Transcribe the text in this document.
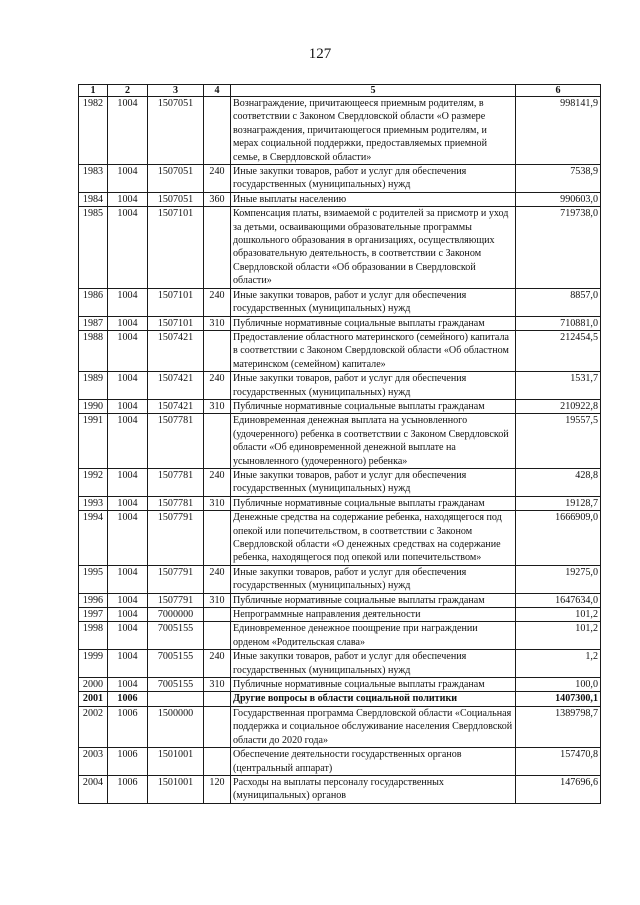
127
1	2	3	4	5	6
1982	1004	1507051		Вознаграждение, причитающееся приемным родителям, в соответствии с Законом Свердловской области «О размере вознаграждения, причитающегося приемным родителям, и мерах социальной поддержки, предоставляемых приемной семье, в Свердловской области»	998141,9
1983	1004	1507051	240	Иные закупки товаров, работ и услуг для обеспечения государственных (муниципальных) нужд	7538,9
1984	1004	1507051	360	Иные выплаты населению	990603,0
1985	1004	1507101		Компенсация платы, взимаемой с родителей за присмотр и уход за детьми, осваивающими образовательные программы дошкольного образования в организациях, осуществляющих образовательную деятельность, в соответствии с Законом Свердловской области «Об образовании в Свердловской области»	719738,0
1986	1004	1507101	240	Иные закупки товаров, работ и услуг для обеспечения государственных (муниципальных) нужд	8857,0
1987	1004	1507101	310	Публичные нормативные социальные выплаты гражданам	710881,0
1988	1004	1507421		Предоставление областного материнского (семейного) капитала в соответствии с Законом Свердловской области «Об областном материнском (семейном) капитале»	212454,5
1989	1004	1507421	240	Иные закупки товаров, работ и услуг для обеспечения государственных (муниципальных) нужд	1531,7
1990	1004	1507421	310	Публичные нормативные социальные выплаты гражданам	210922,8
1991	1004	1507781		Единовременная денежная выплата на усыновленного (удочеренного) ребенка в соответствии с Законом Свердловской области «Об единовременной денежной выплате на усыновленного (удочеренного) ребенка»	19557,5
1992	1004	1507781	240	Иные закупки товаров, работ и услуг для обеспечения государственных (муниципальных) нужд	428,8
1993	1004	1507781	310	Публичные нормативные социальные выплаты гражданам	19128,7
1994	1004	1507791		Денежные средства на содержание ребенка, находящегося под опекой или попечительством, в соответствии с Законом Свердловской области «О денежных средствах на содержание ребенка, находящегося под опекой или попечительством»	1666909,0
1995	1004	1507791	240	Иные закупки товаров, работ и услуг для обеспечения государственных (муниципальных) нужд	19275,0
1996	1004	1507791	310	Публичные нормативные социальные выплаты гражданам	1647634,0
1997	1004	7000000		Непрограммные направления деятельности	101,2
1998	1004	7005155		Единовременное денежное поощрение при награждении орденом «Родительская слава»	101,2
1999	1004	7005155	240	Иные закупки товаров, работ и услуг для обеспечения государственных (муниципальных) нужд	1,2
2000	1004	7005155	310	Публичные нормативные социальные выплаты гражданам	100,0
2001	1006			Другие вопросы в области социальной политики	1407300,1
2002	1006	1500000		Государственная программа Свердловской области «Социальная поддержка и социальное обслуживание населения Свердловской области до 2020 года»	1389798,7
2003	1006	1501001		Обеспечение деятельности государственных органов (центральный аппарат)	157470,8
2004	1006	1501001	120	Расходы на выплаты персоналу государственных (муниципальных) органов	147696,6
